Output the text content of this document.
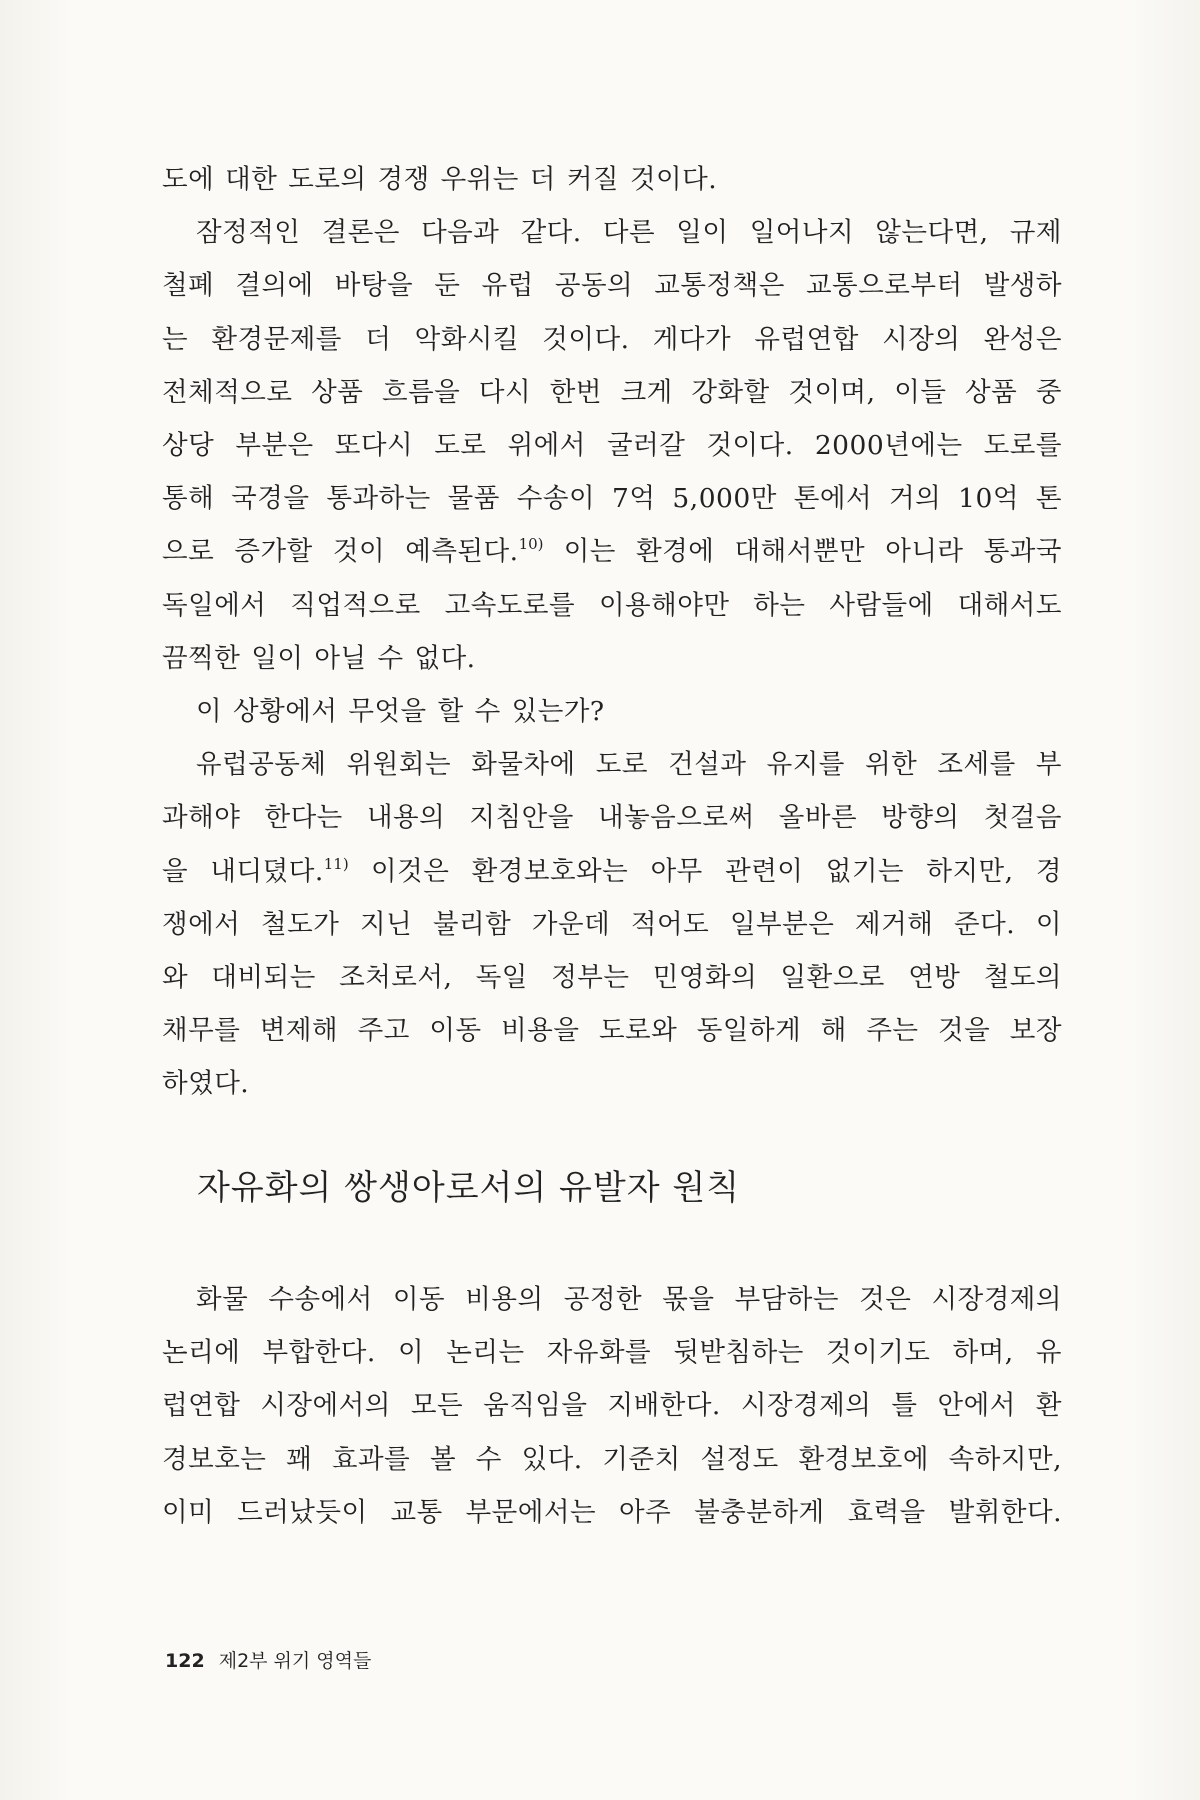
도에 대한 도로의 경쟁 우위는 더 커질 것이다.
잠정적인 결론은 다음과 같다. 다른 일이 일어나지 않는다면, 규제
철폐 결의에 바탕을 둔 유럽 공동의 교통정책은 교통으로부터 발생하
는 환경문제를 더 악화시킬 것이다. 게다가 유럽연합 시장의 완성은
전체적으로 상품 흐름을 다시 한번 크게 강화할 것이며, 이들 상품 중
상당 부분은 또다시 도로 위에서 굴러갈 것이다. 2000년에는 도로를
통해 국경을 통과하는 물품 수송이 7억 5,000만 톤에서 거의 10억 톤
으로 증가할 것이 예측된다.$^{10)}$ 이는 환경에 대해서뿐만 아니라 통과국
독일에서 직업적으로 고속도로를 이용해야만 하는 사람들에 대해서도
끔찍한 일이 아닐 수 없다.
이 상황에서 무엇을 할 수 있는가?
유럽공동체 위원회는 화물차에 도로 건설과 유지를 위한 조세를 부
과해야 한다는 내용의 지침안을 내놓음으로써 올바른 방향의 첫걸음
을 내디뎠다.$^{11)}$ 이것은 환경보호와는 아무 관련이 없기는 하지만, 경
쟁에서 철도가 지닌 불리함 가운데 적어도 일부분은 제거해 준다. 이
와 대비되는 조처로서, 독일 정부는 민영화의 일환으로 연방 철도의
채무를 변제해 주고 이동 비용을 도로와 동일하게 해 주는 것을 보장
하였다.

자유화의 쌍생아로서의 유발자 원칙

화물 수송에서 이동 비용의 공정한 몫을 부담하는 것은 시장경제의
논리에 부합한다. 이 논리는 자유화를 뒷받침하는 것이기도 하며, 유
럽연합 시장에서의 모든 움직임을 지배한다. 시장경제의 틀 안에서 환
경보호는 꽤 효과를 볼 수 있다. 기준치 설정도 환경보호에 속하지만,
이미 드러났듯이 교통 부문에서는 아주 불충분하게 효력을 발휘한다.

122 제2부 위기 영역들
